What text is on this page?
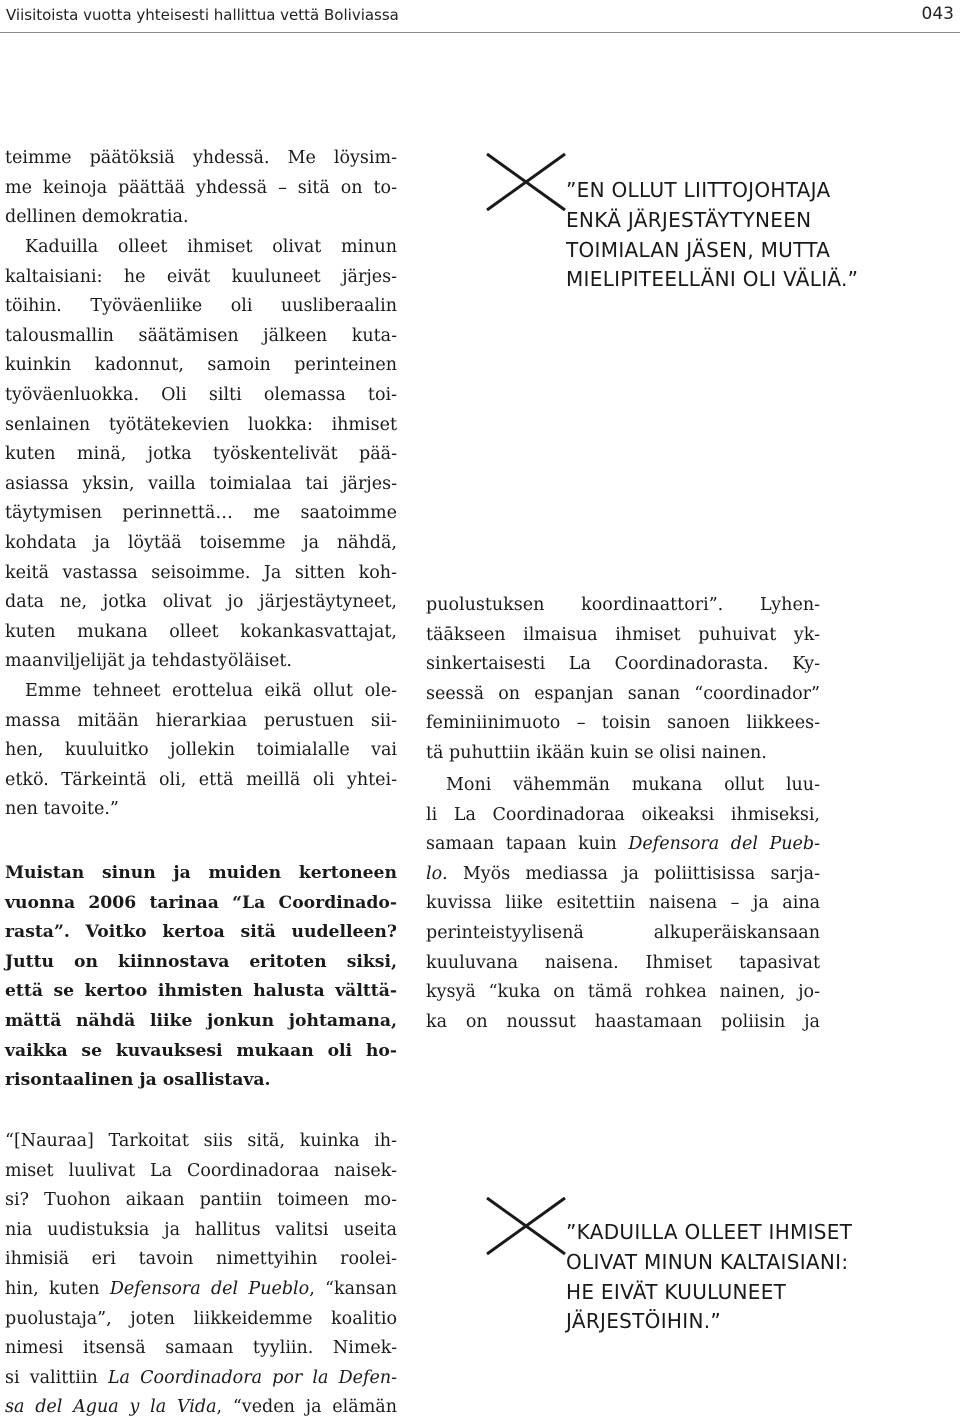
Viisitoista vuotta yhteisesti hallittua vettä Boliviassa	043
teimme päätöksiä yhdessä. Me löysim-
me keinoja päättää yhdessä – sitä on to-
dellinen demokratia.
Kaduilla olleet ihmiset olivat minun
kaltaisiani: he eivät kuuluneet järjes-
töihin. Työväenliike oli uusliberaalin
talousmallin säätämisen jälkeen kuta-
kuinkin kadonnut, samoin perinteinen
työväenluokka. Oli silti olemassa toi-
senlainen työtätekevien luokka: ihmiset
kuten minä, jotka työskentelivät pää-
asiassa yksin, vailla toimialaa tai järjes-
täytymisen perinnettä… me saatoimme
kohdata ja löytää toisemme ja nähdä,
keitä vastassa seisoimme. Ja sitten koh-
data ne, jotka olivat jo järjestäytyneet,
kuten mukana olleet kokankasvattajat,
maanviljelijät ja tehdastyöläiset.
Emme tehneet erottelua eikä ollut ole-
massa mitään hierarkiaa perustuen sii-
hen, kuuluitko jollekin toimialalle vai
etkö. Tärkeintä oli, että meillä oli yhtei-
nen tavoite.”
Muistan sinun ja muiden kertoneen
vuonna 2006 tarinaa “La Coordinado-
rasta”. Voitko kertoa sitä uudelleen?
Juttu on kiinnostava eritoten siksi,
että se kertoo ihmisten halusta välttä-
mättä nähdä liike jonkun johtamana,
vaikka se kuvauksesi mukaan oli ho-
risontaalinen ja osallistava.
“[Nauraa] Tarkoitat siis sitä, kuinka ih-
miset luulivat La Coordinadoraa naisek-
si? Tuohon aikaan pantiin toimeen mo-
nia uudistuksia ja hallitus valitsi useita
ihmisiä eri tavoin nimettyihin roolei-
hin, kuten Defensora del Pueblo, “kansan
puolustaja”, joten liikkeidemme koalitio
nimesi itsensä samaan tyyliin. Nimek-
si valittiin La Coordinadora por la Defen-
sa del Agua y la Vida, “veden ja elämän
”EN OLLUT LIITTOJOHTAJA
ENKÄ JÄRJESTÄYTYNEEN
TOIMIALAN JÄSEN, MUTTA
MIELIPITEELLÄNI OLI VÄLIÄ.”
puolustuksen koordinaattori”. Lyhen-
täākseen ilmaisua ihmiset puhuivat yk-
sinkertaisesti La Coordinadorasta. Ky-
seessä on espanjan sanan “coordinador”
feminiinimuoto – toisin sanoen liikkees-
tä puhuttiin ikään kuin se olisi nainen.
Moni vähemmän mukana ollut luu-
li La Coordinadoraa oikeaksi ihmiseksi,
samaan tapaan kuin Defensora del Pueb-
lo. Myös mediassa ja poliittisissa sarja-
kuvissa liike esitettiin naisena – ja aina
perinteistyylisenä alkuperäiskansaan
kuuluvana naisena. Ihmiset tapasivat
kysyä “kuka on tämä rohkea nainen, jo-
ka on noussut haastamaan poliisin ja
”KADUILLA OLLEET IHMISET
OLIVAT MINUN KALTAISIANI:
HE EIVÄT KUULUNEET
JÄRJESTÖIHIN.”
